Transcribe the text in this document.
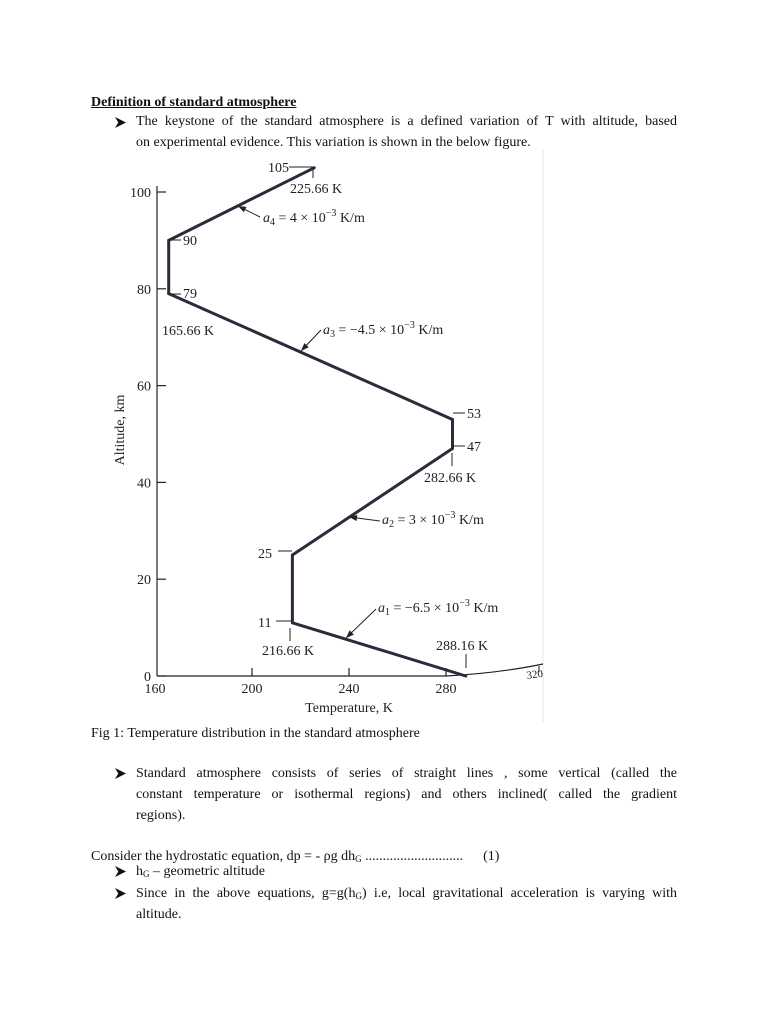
Definition of standard atmosphere
The keystone of the standard atmosphere is a defined variation of T with altitude, based
on experimental evidence. This variation is shown in the below figure.
0
20
40
60
80
100
160	200	240	280
320
Temperature, K
Altitude, km
105
225.66 K
90
79
165.66 K
53
47
282.66 K
25
11
216.66 K	288.16 K
$a_4 = 4 \times 10^{-3}$ K/m
$a_3 = -4.5 \times 10^{-3}$ K/m
$a_2 = 3 \times 10^{-3}$ K/m
$a_1 = -6.5 \times 10^{-3}$ K/m
Fig 1: Temperature distribution in the standard atmosphere
Standard atmosphere consists of series of straight lines , some vertical (called the
constant temperature or isothermal regions) and others inclined( called the gradient
regions).
Consider the hydrostatic equation, dp = - ρg $dh_G$ ............................ (1)
$h_G$ – geometric altitude
Since in the above equations, $g=g(h_G)$ i.e, local gravitational acceleration is varying with
altitude.
